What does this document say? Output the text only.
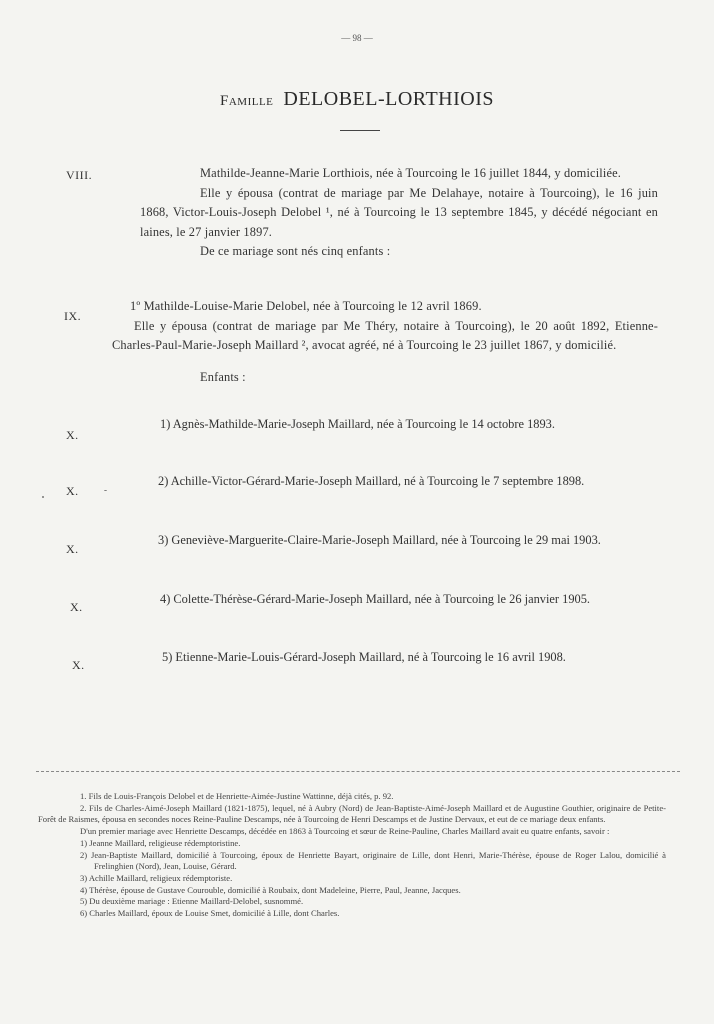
— 98 —
Famille DELOBEL-LORTHIOIS
VIII.	Mathilde-Jeanne-Marie Lorthiois, née à Tourcoing le 16 juillet 1844, y domiciliée.

Elle y épousa (contrat de mariage par Me Delahaye, notaire à Tourcoing), le 16 juin 1868, Victor-Louis-Joseph Delobel ¹, né à Tourcoing le 13 septembre 1845, y décédé négociant en laines, le 27 janvier 1897.

De ce mariage sont nés cinq enfants :

IX.

1º Mathilde-Louise-Marie Delobel, née à Tourcoing le 12 avril 1869.

Elle y épousa (contrat de mariage par Me Théry, notaire à Tourcoing), le 20 août 1892, Etienne-Charles-Paul-Marie-Joseph Maillard ², avocat agréé, né à Tourcoing le 23 juillet 1867, y domicilié.

Enfants :

X.
1) Agnès-Mathilde-Marie-Joseph Maillard, née à Tourcoing le 14 octobre 1893.
X.
2) Achille-Victor-Gérard-Marie-Joseph Maillard, né à Tourcoing le 7 septembre 1898.
X.
3) Geneviève-Marguerite-Claire-Marie-Joseph Maillard, née à Tourcoing le 29 mai 1903.
X.
4) Colette-Thérèse-Gérard-Marie-Joseph Maillard, née à Tourcoing le 26 janvier 1905.
X.
5) Etienne-Marie-Louis-Gérard-Joseph Maillard, né à Tourcoing le 16 avril 1908.

1. Fils de Louis-François Delobel et de Henriette-Aimée-Justine Wattinne, déjà cités, p. 92.

2. Fils de Charles-Aimé-Joseph Maillard (1821-1875), lequel, né à Aubry (Nord) de Jean-Baptiste-Aimé-Joseph Maillard et de Augustine Gouthier, originaire de Petite-Forêt de Raismes, épousa en secondes noces Reine-Pauline Descamps, née à Tourcoing de Henri Descamps et de Justine Dervaux, et eut de ce mariage deux enfants.

D'un premier mariage avec Henriette Descamps, décédée en 1863 à Tourcoing et sœur de Reine-Pauline, Charles Maillard avait eu quatre enfants, savoir :

1) Jeanne Maillard, religieuse rédemptoristine.

2) Jean-Baptiste Maillard, domicilié à Tourcoing, époux de Henriette Bayart, originaire de Lille, dont Henri, Marie-Thérèse, épouse de Roger Lalou, domicilié à Frelinghien (Nord), Jean, Louise, Gérard.

3) Achille Maillard, religieux rédemptoriste.

4) Thérèse, épouse de Gustave Courouble, domicilié à Roubaix, dont Madeleine, Pierre, Paul, Jeanne, Jacques.

5) Du deuxième mariage : Etienne Maillard-Delobel, susnommé.

6) Charles Maillard, époux de Louise Smet, domicilié à Lille, dont Charles.
